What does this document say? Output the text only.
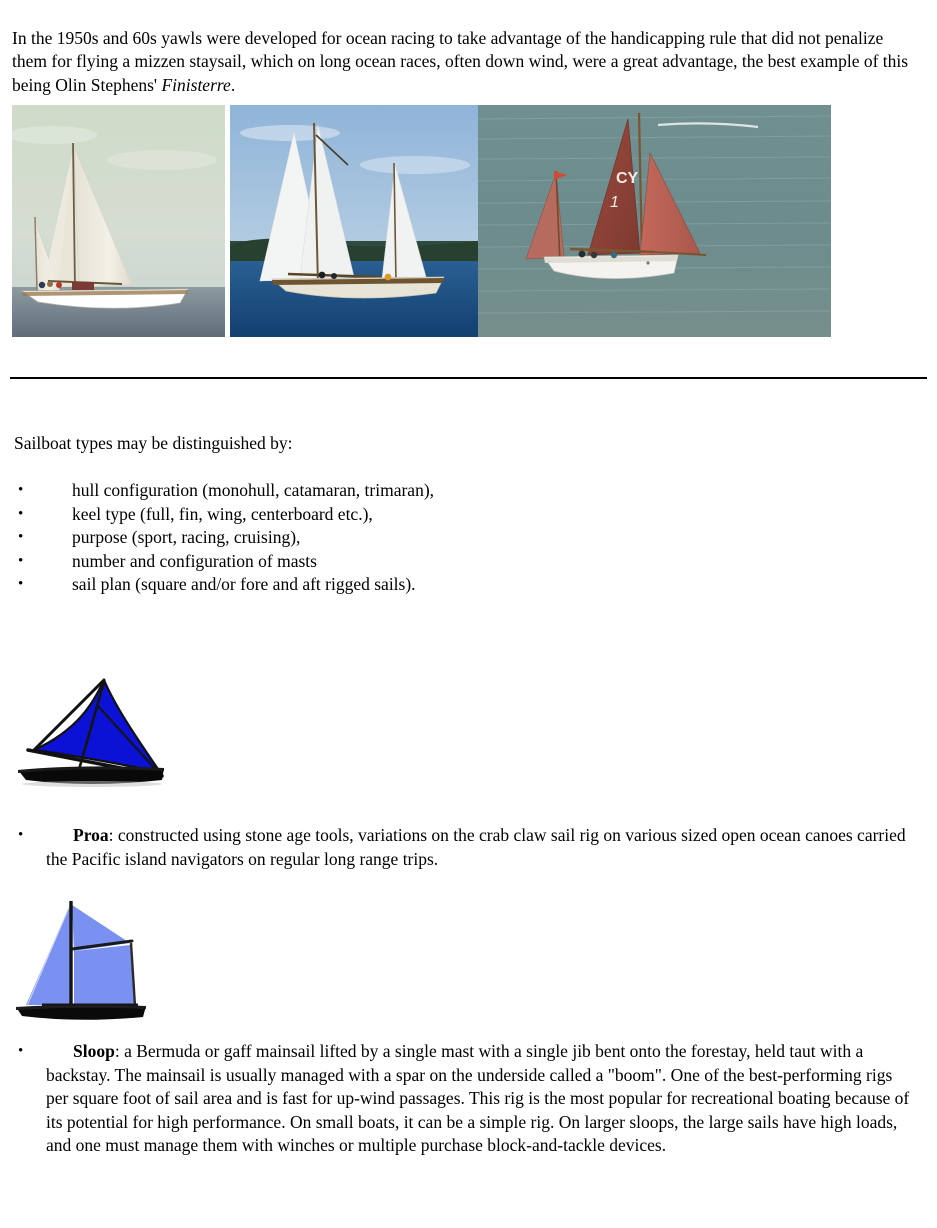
In the 1950s and 60s yawls were developed for ocean racing to take advantage of the handicapping rule that did not penalize them for flying a mizzen staysail, which on long ocean races, often down wind, were a great advantage, the best example of this being Olin Stephens' Finisterre.

CY
1
Sailboat types may be distinguished by:
•	hull configuration (monohull, catamaran, trimaran),
•	keel type (full, fin, wing, centerboard etc.),
•	purpose (sport, racing, cruising),
•	number and configuration of masts
•	sail plan (square and/or fore and aft rigged sails).
•	Proa: constructed using stone age tools, variations on the crab claw sail rig on various sized open ocean canoes carried the Pacific island navigators on regular long range trips.
•	Sloop: a Bermuda or gaff mainsail lifted by a single mast with a single jib bent onto the forestay, held taut with a backstay. The mainsail is usually managed with a spar on the underside called a "boom". One of the best-performing rigs per square foot of sail area and is fast for up-wind passages. This rig is the most popular for recreational boating because of its potential for high performance. On small boats, it can be a simple rig. On larger sloops, the large sails have high loads, and one must manage them with winches or multiple purchase block-and-tackle devices.
